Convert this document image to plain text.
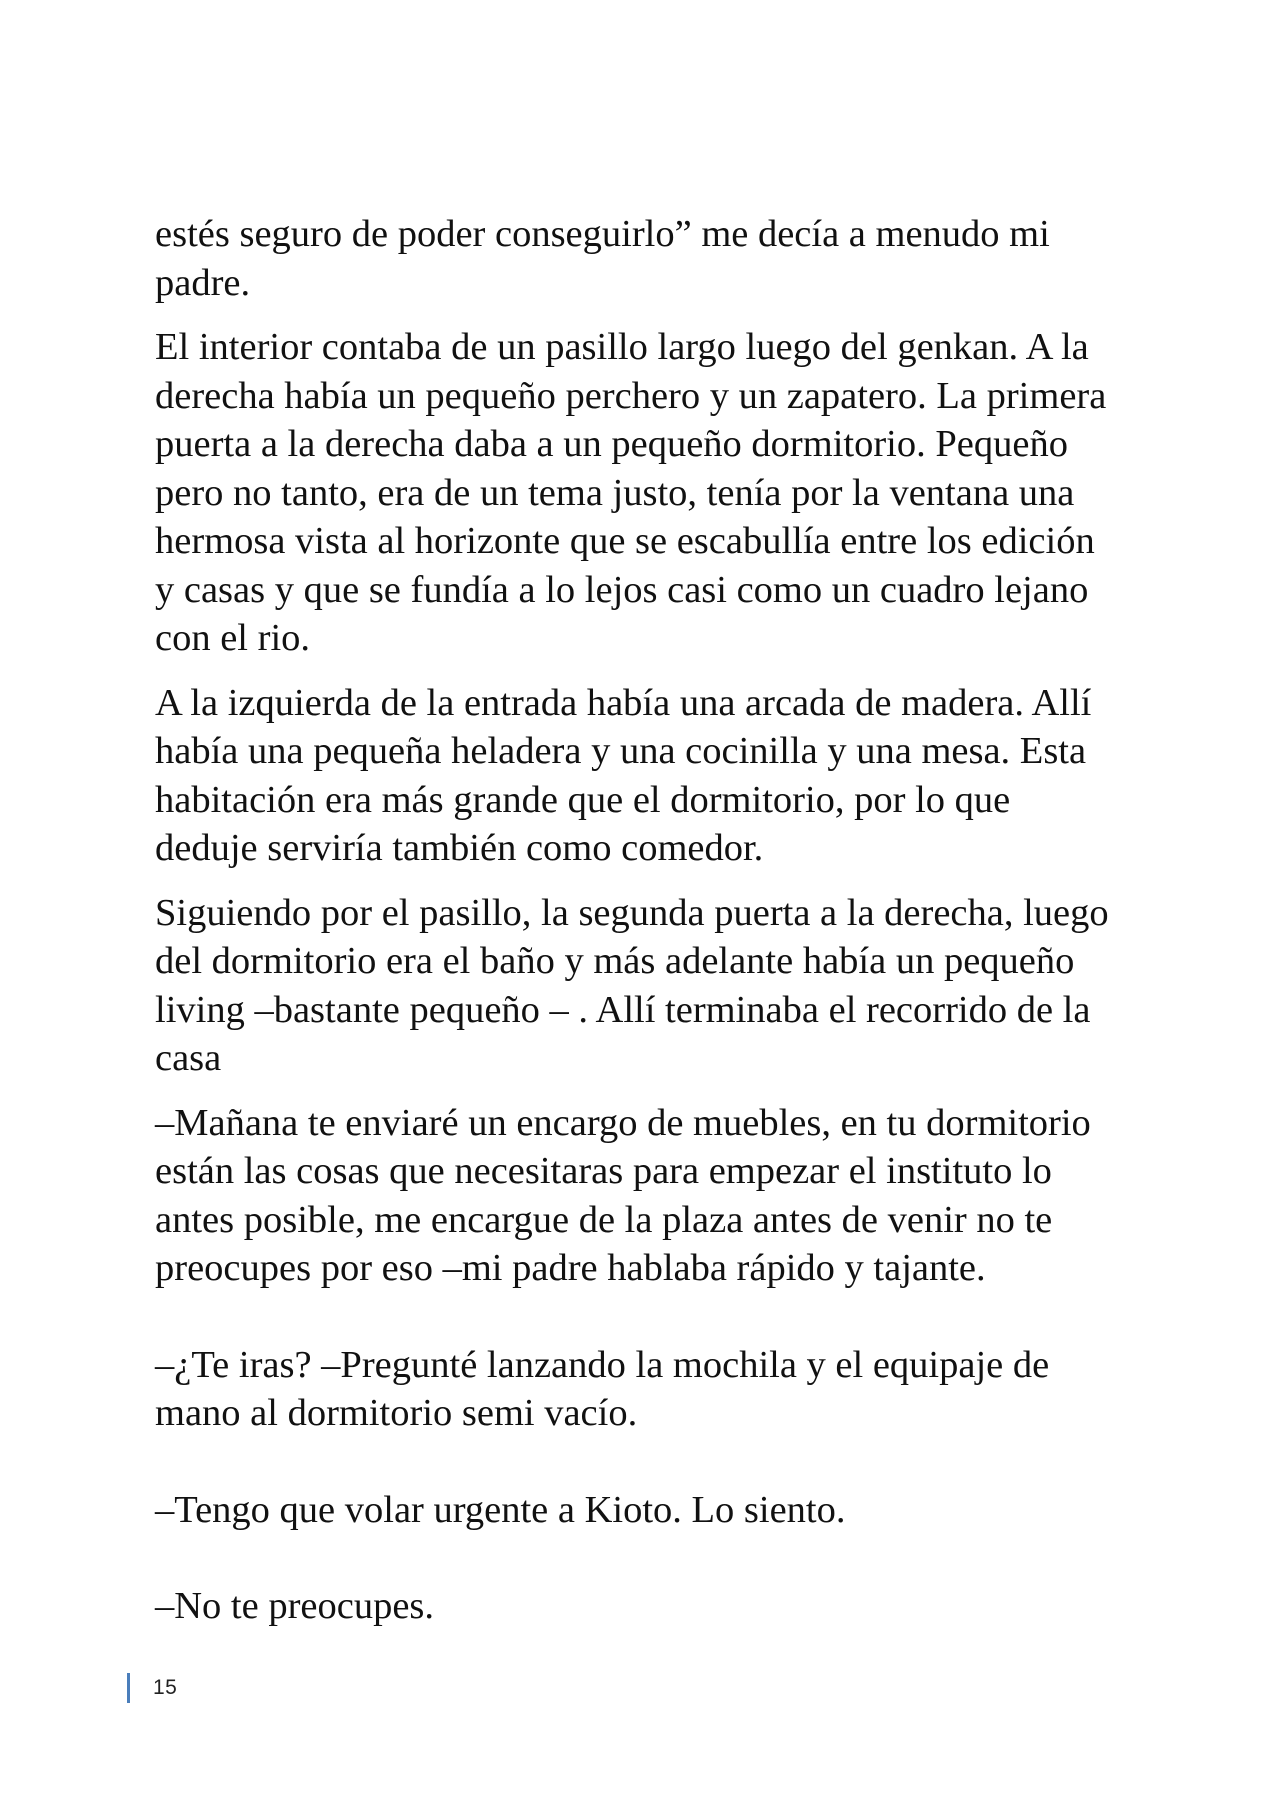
estés seguro de poder conseguirlo” me decía a menudo mi
padre.

El interior contaba de un pasillo largo luego del genkan. A la
derecha había un pequeño perchero y un zapatero. La primera
puerta a la derecha daba a un pequeño dormitorio. Pequeño
pero no tanto, era de un tema justo, tenía por la ventana una
hermosa vista al horizonte que se escabullía entre los edición
y casas y que se fundía a lo lejos casi como un cuadro lejano
con el rio.

A la izquierda de la entrada había una arcada de madera. Allí
había una pequeña heladera y una cocinilla y una mesa. Esta
habitación era más grande que el dormitorio, por lo que
deduje serviría también como comedor.

Siguiendo por el pasillo, la segunda puerta a la derecha, luego
del dormitorio era el baño y más adelante había un pequeño
living –bastante pequeño – . Allí terminaba el recorrido de la
casa

–Mañana te enviaré un encargo de muebles, en tu dormitorio
están las cosas que necesitaras para empezar el instituto lo
antes posible, me encargue de la plaza antes de venir no te
preocupes por eso –mi padre hablaba rápido y tajante.

–¿Te iras? –Pregunté lanzando la mochila y el equipaje de
mano al dormitorio semi vacío.

–Tengo que volar urgente a Kioto. Lo siento.

–No te preocupes.

15
